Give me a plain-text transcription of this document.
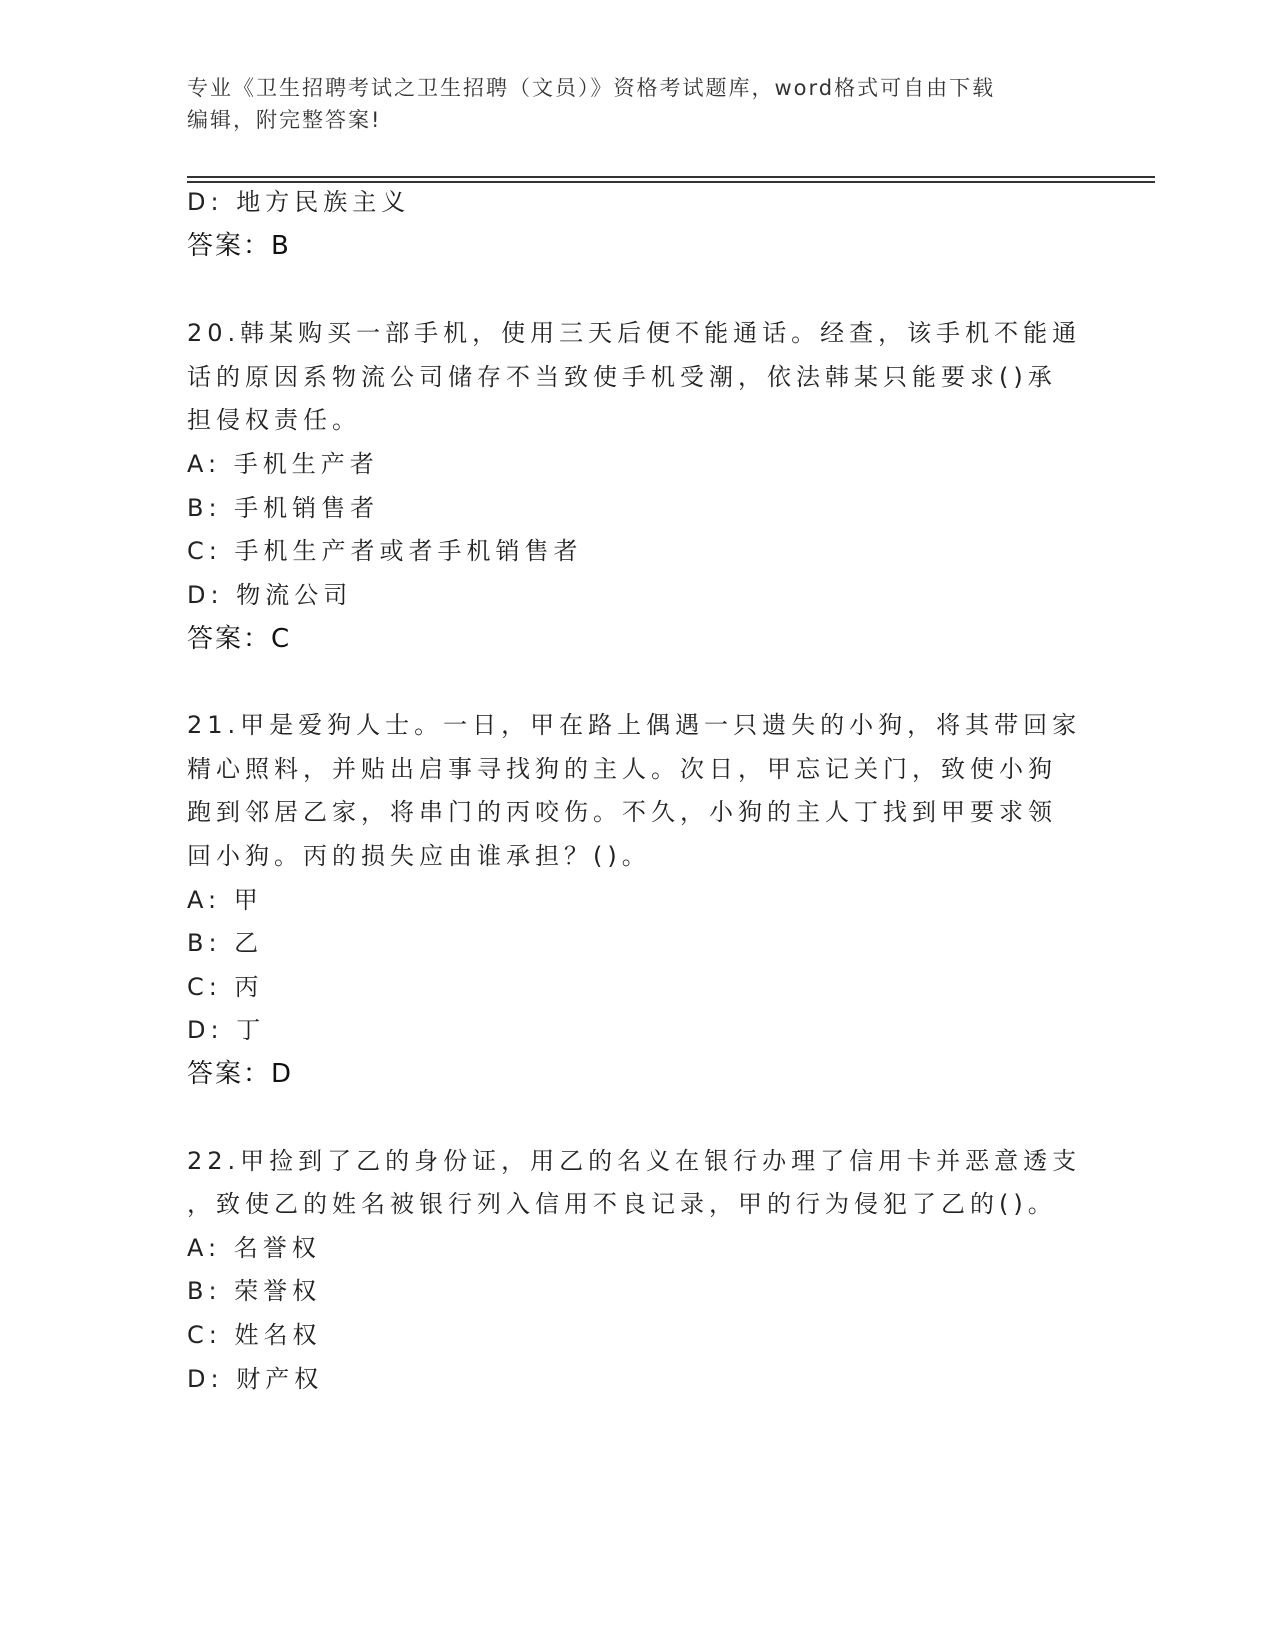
专业《卫生招聘考试之卫生招聘（文员）》资格考试题库，word格式可自由下载
编辑，附完整答案!
D: 地方民族主义
答案：B
20.韩某购买一部手机，使用三天后便不能通话。经查，该手机不能通
话的原因系物流公司储存不当致使手机受潮，依法韩某只能要求()承
担侵权责任。
A: 手机生产者
B: 手机销售者
C: 手机生产者或者手机销售者
D: 物流公司
答案：C
21.甲是爱狗人士。一日，甲在路上偶遇一只遗失的小狗，将其带回家
精心照料，并贴出启事寻找狗的主人。次日，甲忘记关门，致使小狗
跑到邻居乙家，将串门的丙咬伤。不久，小狗的主人丁找到甲要求领
回小狗。丙的损失应由谁承担？()。
A: 甲
B: 乙
C: 丙
D: 丁
答案：D
22.甲捡到了乙的身份证，用乙的名义在银行办理了信用卡并恶意透支
，致使乙的姓名被银行列入信用不良记录，甲的行为侵犯了乙的()。
A: 名誉权
B: 荣誉权
C: 姓名权
D: 财产权
